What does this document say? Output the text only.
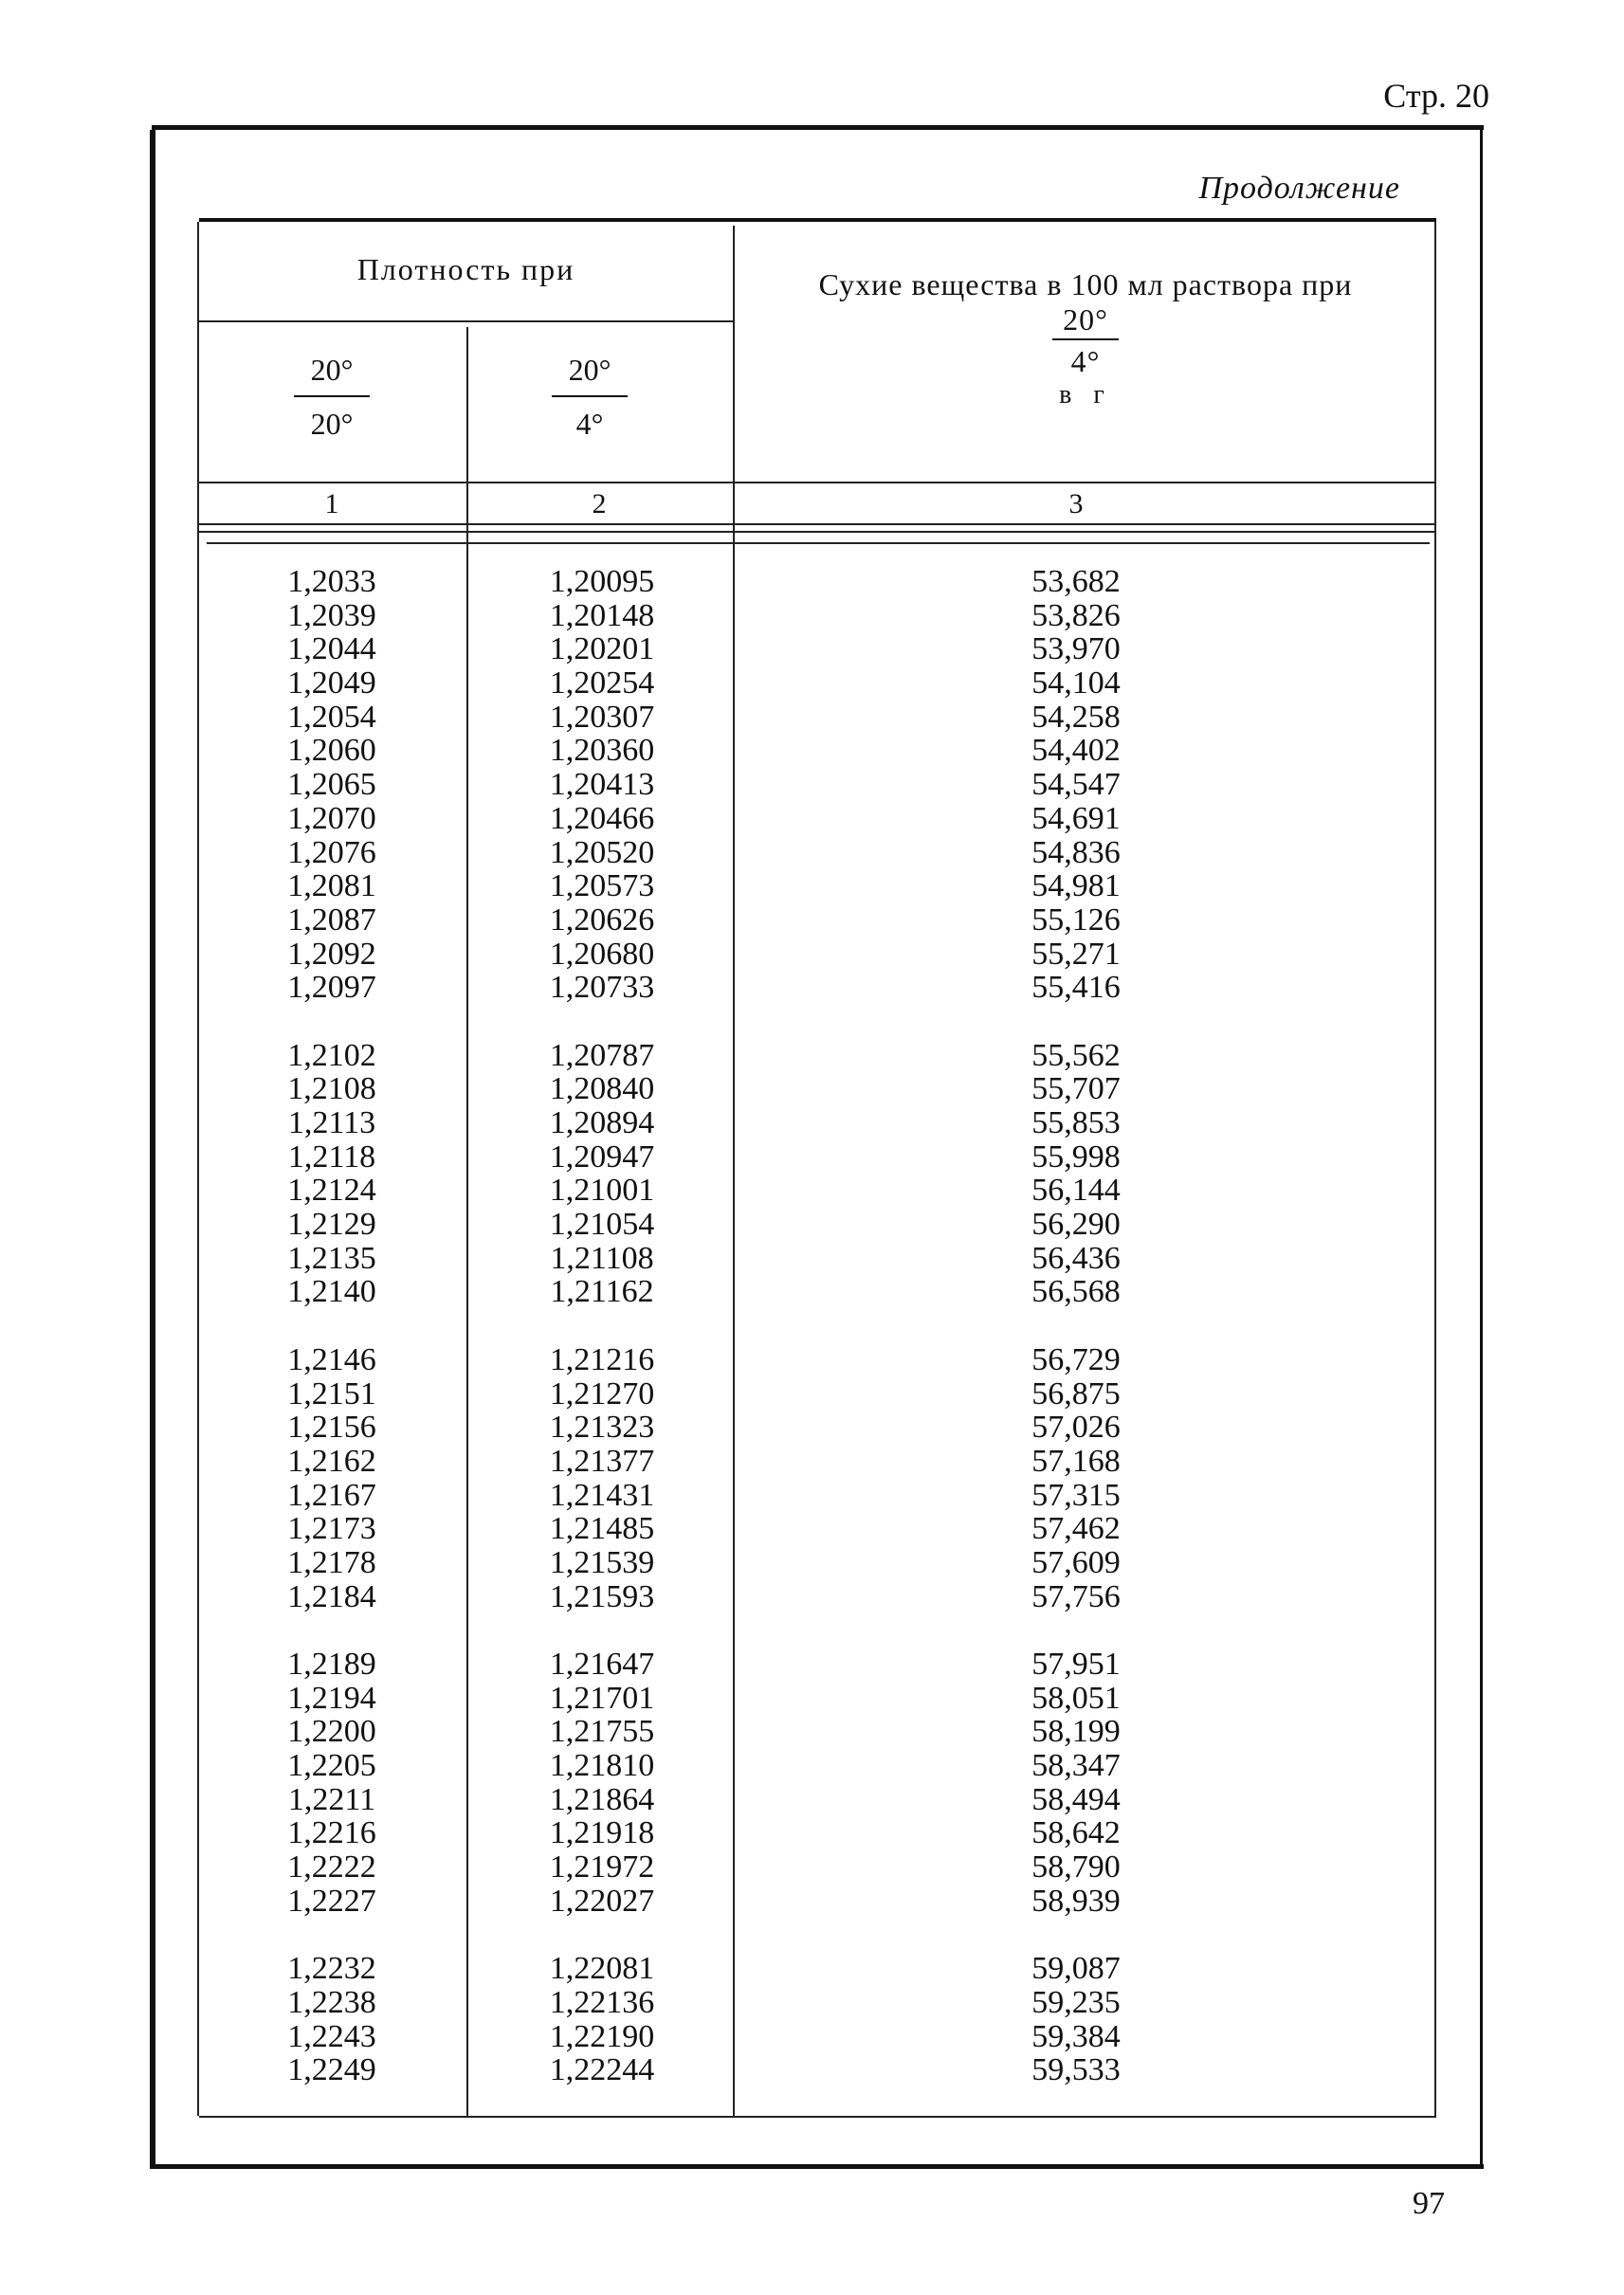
Стр. 20
Продолжение
Плотность при
20°
20°
20°
4°
Сухие вещества в 100 мл раствора при
20°
4°
в г
1	2	3
1,2033
1,2039
1,2044
1,2049
1,2054
1,2060
1,2065
1,2070
1,2076
1,2081
1,2087
1,2092
1,2097
1,2102
1,2108
1,2113
1,2118
1,2124
1,2129
1,2135
1,2140
1,2146
1,2151
1,2156
1,2162
1,2167
1,2173
1,2178
1,2184
1,2189
1,2194
1,2200
1,2205
1,2211
1,2216
1,2222
1,2227
1,2232
1,2238
1,2243
1,2249
1,20095
1,20148
1,20201
1,20254
1,20307
1,20360
1,20413
1,20466
1,20520
1,20573
1,20626
1,20680
1,20733
1,20787
1,20840
1,20894
1,20947
1,21001
1,21054
1,21108
1,21162
1,21216
1,21270
1,21323
1,21377
1,21431
1,21485
1,21539
1,21593
1,21647
1,21701
1,21755
1,21810
1,21864
1,21918
1,21972
1,22027
1,22081
1,22136
1,22190
1,22244
53,682
53,826
53,970
54,104
54,258
54,402
54,547
54,691
54,836
54,981
55,126
55,271
55,416
55,562
55,707
55,853
55,998
56,144
56,290
56,436
56,568
56,729
56,875
57,026
57,168
57,315
57,462
57,609
57,756
57,951
58,051
58,199
58,347
58,494
58,642
58,790
58,939
59,087
59,235
59,384
59,533
97
